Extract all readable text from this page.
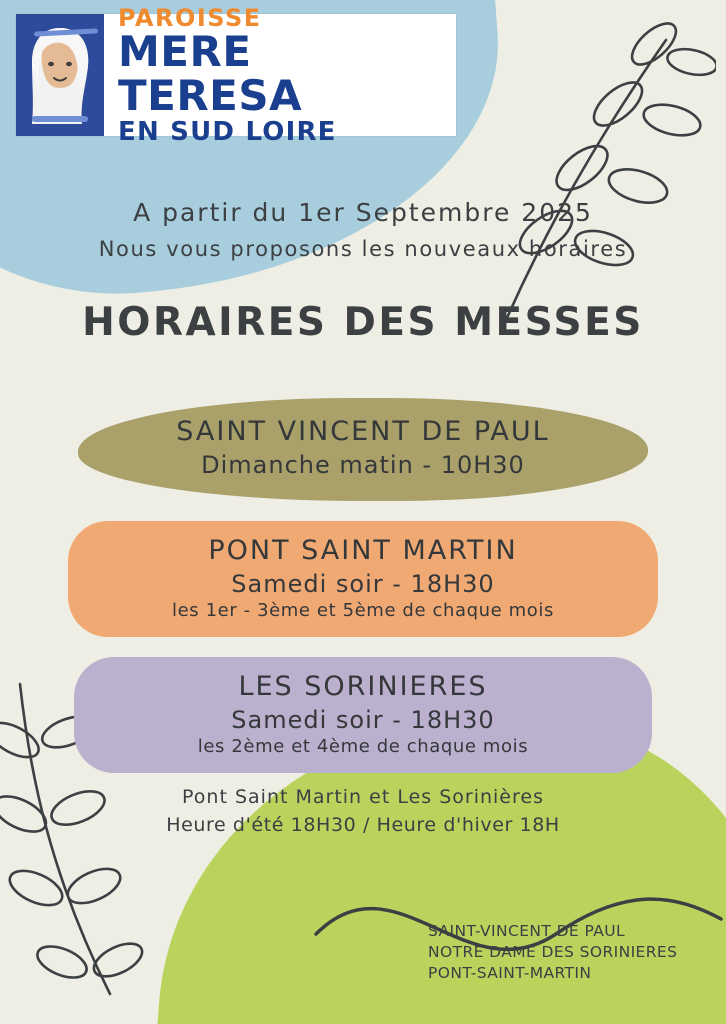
PAROISSE
MERE TERESA
EN SUD LOIRE
A partir du 1er Septembre 2025
Nous vous proposons les nouveaux horaires
HORAIRES DES MESSES
SAINT VINCENT DE PAUL
Dimanche matin - 10H30
PONT SAINT MARTIN
Samedi soir - 18H30
les 1er - 3ème et 5ème de chaque mois
LES SORINIERES
Samedi soir - 18H30
les 2ème et 4ème de chaque mois
Pont Saint Martin et Les Sorinières
Heure d'été 18H30 / Heure d'hiver 18H
SAINT-VINCENT DE PAUL
NOTRE DAME DES SORINIERES
PONT-SAINT-MARTIN
